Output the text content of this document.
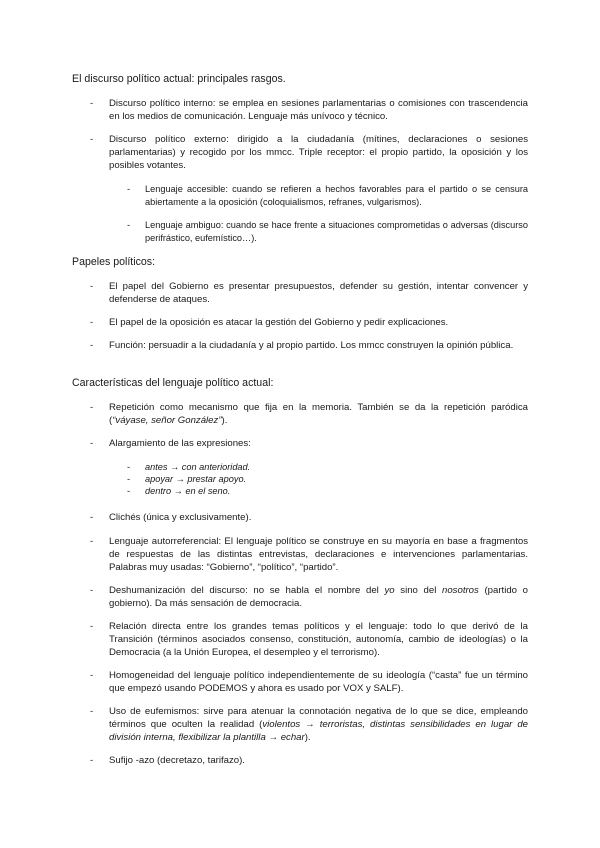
El discurso político actual: principales rasgos.
- Discurso político interno: se emplea en sesiones parlamentarias o comisiones con trascendencia en los medios de comunicación. Lenguaje más unívoco y técnico.
- Discurso político externo: dirigido a la ciudadanía (mítines, declaraciones o sesiones parlamentarias) y recogido por los mmcc. Triple receptor: el propio partido, la oposición y los posibles votantes.
- Lenguaje accesible: cuando se refieren a hechos favorables para el partido o se censura abiertamente a la oposición (coloquialismos, refranes, vulgarismos).
- Lenguaje ambiguo: cuando se hace frente a situaciones comprometidas o adversas (discurso perifrástico, eufemístico…).
Papeles políticos:
- El papel del Gobierno es presentar presupuestos, defender su gestión, intentar convencer y defenderse de ataques.
- El papel de la oposición es atacar la gestión del Gobierno y pedir explicaciones.
- Función: persuadir a la ciudadanía y al propio partido. Los mmcc construyen la opinión pública.
Características del lenguaje político actual:
- Repetición como mecanismo que fija en la memoria. También se da la repetición paródica (“váyase, señor González”).
- Alargamiento de las expresiones:
- antes → con anterioridad.
- apoyar → prestar apoyo.
- dentro → en el seno.
- Clichés (única y exclusivamente).
- Lenguaje autorreferencial: El lenguaje político se construye en su mayoría en base a fragmentos de respuestas de las distintas entrevistas, declaraciones e intervenciones parlamentarias. Palabras muy usadas: “Gobierno”, “político”, “partido”.
- Deshumanización del discurso: no se habla el nombre del yo sino del nosotros (partido o gobierno). Da más sensación de democracia.
- Relación directa entre los grandes temas políticos y el lenguaje: todo lo que derivó de la Transición (términos asociados consenso, constitución, autonomía, cambio de ideologías) o la Democracia (a la Unión Europea, el desempleo y el terrorismo).
- Homogeneidad del lenguaje político independientemente de su ideología (“casta” fue un término que empezó usando PODEMOS y ahora es usado por VOX y SALF).
- Uso de eufemismos: sirve para atenuar la connotación negativa de lo que se dice, empleando términos que oculten la realidad (violentos → terroristas, distintas sensibilidades en lugar de división interna, flexibilizar la plantilla → echar).
- Sufijo -azo (decretazo, tarifazo).
